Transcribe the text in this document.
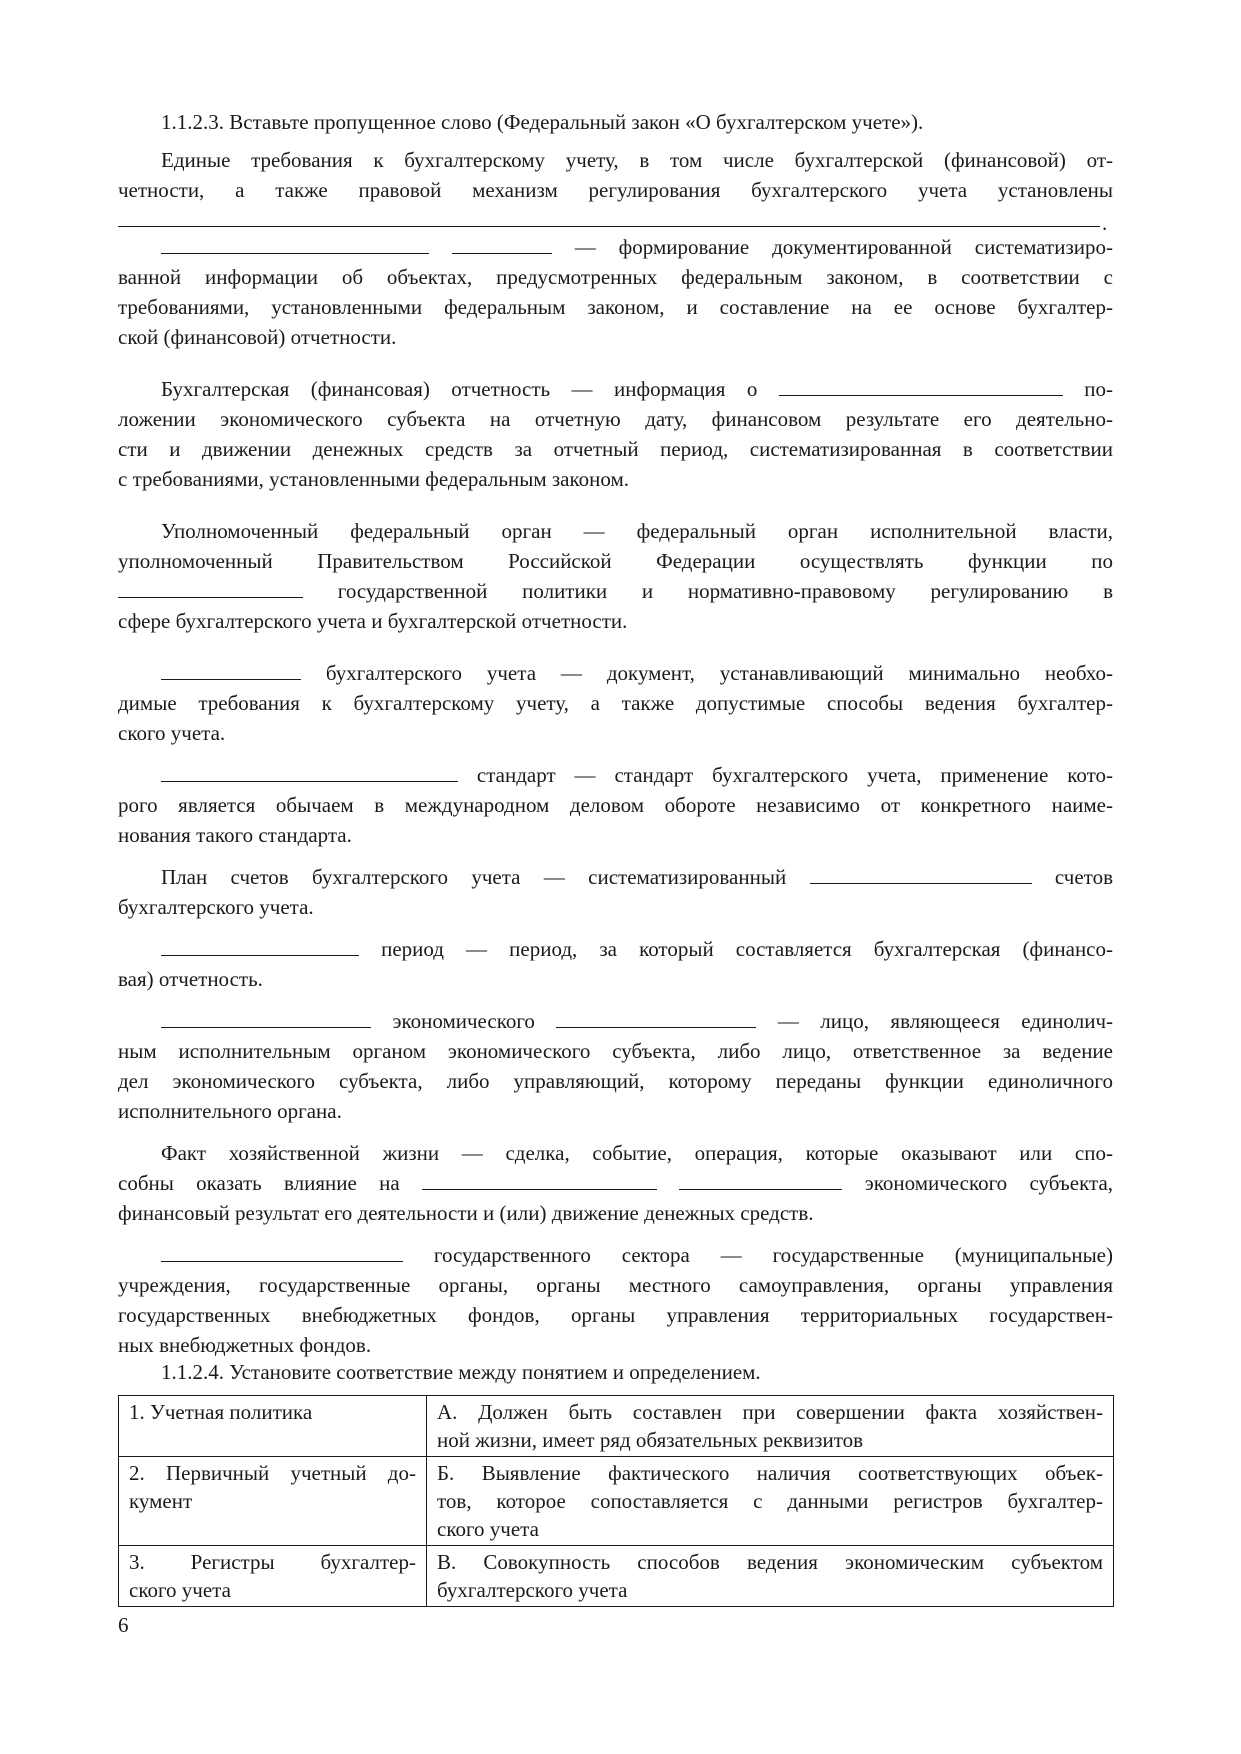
1.1.2.3. Вставьте пропущенное слово (Федеральный закон «О бухгалтерском учете»).
Единые требования к бухгалтерскому учету, в том числе бухгалтерской (финансовой) от-
четности, а также правовой механизм регулирования бухгалтерского учета установлены
.
— формирование документированной систематизиро-
ванной информации об объектах, предусмотренных федеральным законом, в соответствии с
требованиями, установленными федеральным законом, и составление на ее основе бухгалтер-
ской (финансовой) отчетности.
Бухгалтерская (финансовая) отчетность — информация о	по-
ложении экономического субъекта на отчетную дату, финансовом результате его деятельно-
сти и движении денежных средств за отчетный период, систематизированная в соответствии
с требованиями, установленными федеральным законом.
Уполномоченный федеральный орган — федеральный орган исполнительной власти,
уполномоченный Правительством Российской Федерации осуществлять функции по
государственной политики и нормативно-правовому регулированию в
сфере бухгалтерского учета и бухгалтерской отчетности.
бухгалтерского учета — документ, устанавливающий минимально необхо-
димые требования к бухгалтерскому учету, а также допустимые способы ведения бухгалтер-
ского учета.
стандарт — стандарт бухгалтерского учета, применение кото-
рого является обычаем в международном деловом обороте независимо от конкретного наиме-
нования такого стандарта.
План счетов бухгалтерского учета — систематизированный	счетов
бухгалтерского учета.
период — период, за который составляется бухгалтерская (финансо-
вая) отчетность.
экономического	— лицо, являющееся единолич-
ным исполнительным органом экономического субъекта, либо лицо, ответственное за ведение
дел экономического субъекта, либо управляющий, которому переданы функции единоличного
исполнительного органа.
Факт хозяйственной жизни — сделка, событие, операция, которые оказывают или спо-
собны оказать влияние на	экономического субъекта,
финансовый результат его деятельности и (или) движение денежных средств.
государственного сектора — государственные (муниципальные)
учреждения, государственные органы, органы местного самоуправления, органы управления
государственных внебюджетных фондов, органы управления территориальных государствен-
ных внебюджетных фондов.
1.1.2.4. Установите соответствие между понятием и определением.
1. Учетная политика	А. Должен быть составлен при совершении факта хозяйствен-
ной жизни, имеет ряд обязательных реквизитов

2. Первичный учетный до-
кумент	Б. Выявление фактического наличия соответствующих объек-
тов, которое сопоставляется с данными регистров бухгалтер-
ского учета

3. Регистры бухгалтер-
ского учета	В. Совокупность способов ведения экономическим субъектом
бухгалтерского учета
6
